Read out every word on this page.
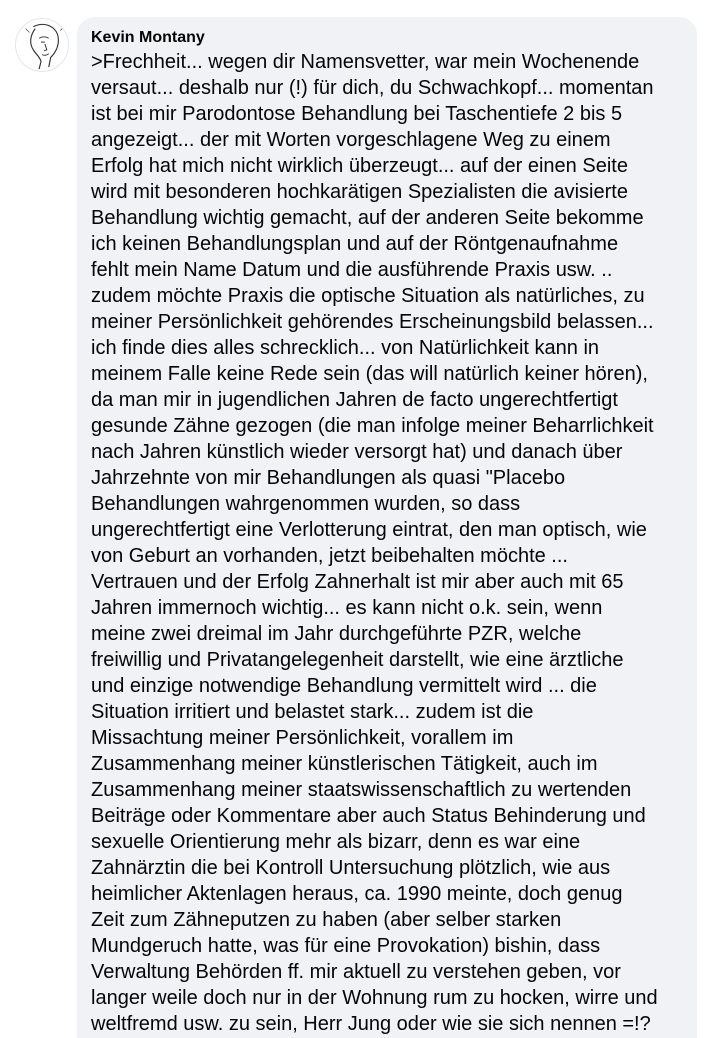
Kevin Montany

>Frechheit... wegen dir Namensvetter, war mein Wochenende
versaut... deshalb nur (!) für dich, du Schwachkopf... momentan
ist bei mir Parodontose Behandlung bei Taschentiefe 2 bis 5
angezeigt... der mit Worten vorgeschlagene Weg zu einem
Erfolg hat mich nicht wirklich überzeugt... auf der einen Seite
wird mit besonderen hochkarätigen Spezialisten die avisierte
Behandlung wichtig gemacht, auf der anderen Seite bekomme
ich keinen Behandlungsplan und auf der Röntgenaufnahme
fehlt mein Name Datum und die ausführende Praxis usw. ..
zudem möchte Praxis die optische Situation als natürliches, zu
meiner Persönlichkeit gehörendes Erscheinungsbild belassen...
ich finde dies alles schrecklich... von Natürlichkeit kann in
meinem Falle keine Rede sein (das will natürlich keiner hören),
da man mir in jugendlichen Jahren de facto ungerechtfertigt
gesunde Zähne gezogen (die man infolge meiner Beharrlichkeit
nach Jahren künstlich wieder versorgt hat) und danach über
Jahrzehnte von mir Behandlungen als quasi "Placebo
Behandlungen wahrgenommen wurden, so dass
ungerechtfertigt eine Verlotterung eintrat, den man optisch, wie
von Geburt an vorhanden, jetzt beibehalten möchte ...
Vertrauen und der Erfolg Zahnerhalt ist mir aber auch mit 65
Jahren immernoch wichtig... es kann nicht o.k. sein, wenn
meine zwei dreimal im Jahr durchgeführte PZR, welche
freiwillig und Privatangelegenheit darstellt, wie eine ärztliche
und einzige notwendige Behandlung vermittelt wird ... die
Situation irritiert und belastet stark... zudem ist die
Missachtung meiner Persönlichkeit, vorallem im
Zusammenhang meiner künstlerischen Tätigkeit, auch im
Zusammenhang meiner staatswissenschaftlich zu wertenden
Beiträge oder Kommentare aber auch Status Behinderung und
sexuelle Orientierung mehr als bizarr, denn es war eine
Zahnärztin die bei Kontroll Untersuchung plötzlich, wie aus
heimlicher Aktenlagen heraus, ca. 1990 meinte, doch genug
Zeit zum Zähneputzen zu haben (aber selber starken
Mundgeruch hatte, was für eine Provokation) bishin, dass
Verwaltung Behörden ff. mir aktuell zu verstehen geben, vor
langer weile doch nur in der Wohnung rum zu hocken, wirre und
weltfremd usw. zu sein, Herr Jung oder wie sie sich nennen =!?
